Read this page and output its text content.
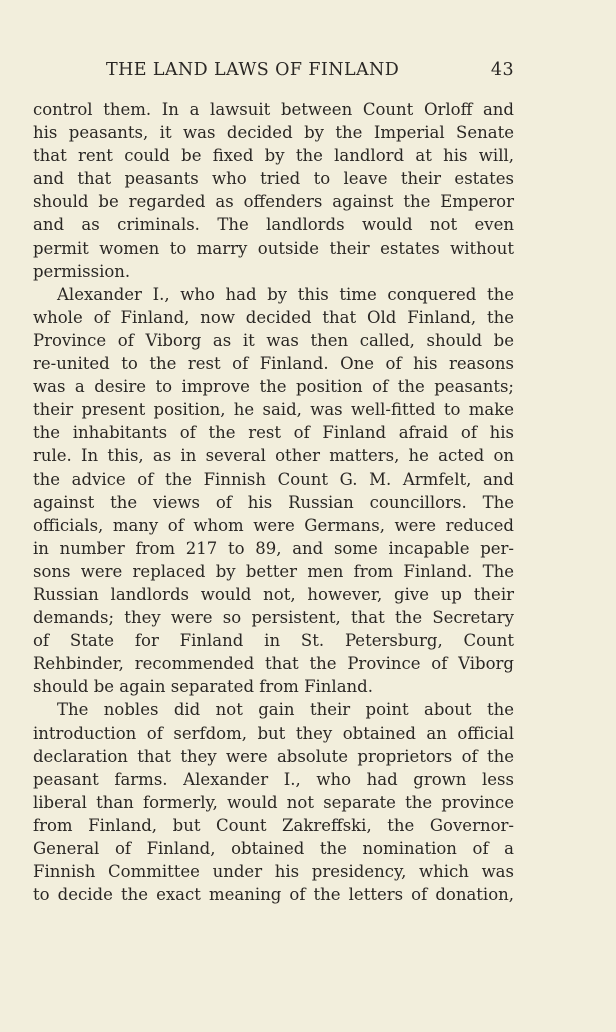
THE LAND LAWS OF FINLAND	43
control them. In a lawsuit between Count Orloff and
his peasants, it was decided by the Imperial Senate
that rent could be fixed by the landlord at his will,
and that peasants who tried to leave their estates
should be regarded as offenders against the Emperor
and as criminals. The landlords would not even
permit women to marry outside their estates without
permission.
Alexander I., who had by this time conquered the
whole of Finland, now decided that Old Finland, the
Province of Viborg as it was then called, should be
re-united to the rest of Finland. One of his reasons
was a desire to improve the position of the peasants;
their present position, he said, was well-fitted to make
the inhabitants of the rest of Finland afraid of his
rule. In this, as in several other matters, he acted on
the advice of the Finnish Count G. M. Armfelt, and
against the views of his Russian councillors. The
officials, many of whom were Germans, were reduced
in number from 217 to 89, and some incapable per-
sons were replaced by better men from Finland. The
Russian landlords would not, however, give up their
demands; they were so persistent, that the Secretary
of State for Finland in St. Petersburg, Count
Rehbinder, recommended that the Province of Viborg
should be again separated from Finland.
The nobles did not gain their point about the
introduction of serfdom, but they obtained an official
declaration that they were absolute proprietors of the
peasant farms. Alexander I., who had grown less
liberal than formerly, would not separate the province
from Finland, but Count Zakreffski, the Governor-
General of Finland, obtained the nomination of a
Finnish Committee under his presidency, which was
to decide the exact meaning of the letters of donation,
